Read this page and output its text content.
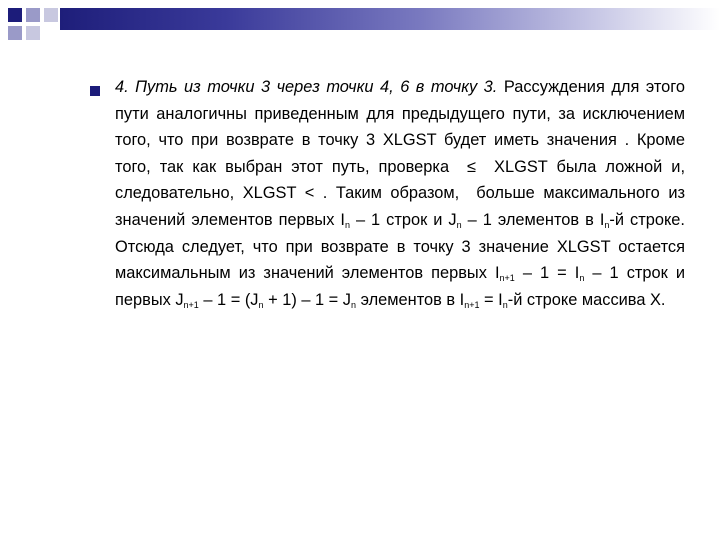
4. Путь из точки 3 через точки 4, 6 в точку 3. Рассуждения для этого пути аналогичны приведенным для предыдущего пути, за исключением того, что при возврате в точку 3 XLGST будет иметь значения . Кроме того, так как выбран этот путь, проверка  ≤  XLGST была ложной и, следовательно, XLGST < . Таким образом,  больше максимального из значений элементов первых $I_n - 1$ строк и $J_n - 1$ элементов в $I_n-й$ строке. Отсюда следует, что при возврате в точку 3 значение XLGST остается максимальным из значений элементов первых $I_{n+1} - 1 = I_n - 1$ строк и первых $J_{n+1} - 1 = (J_n + 1) - 1 = J_n$ элементов в $I_{n+1} = I_n-й$ строке массива X.
